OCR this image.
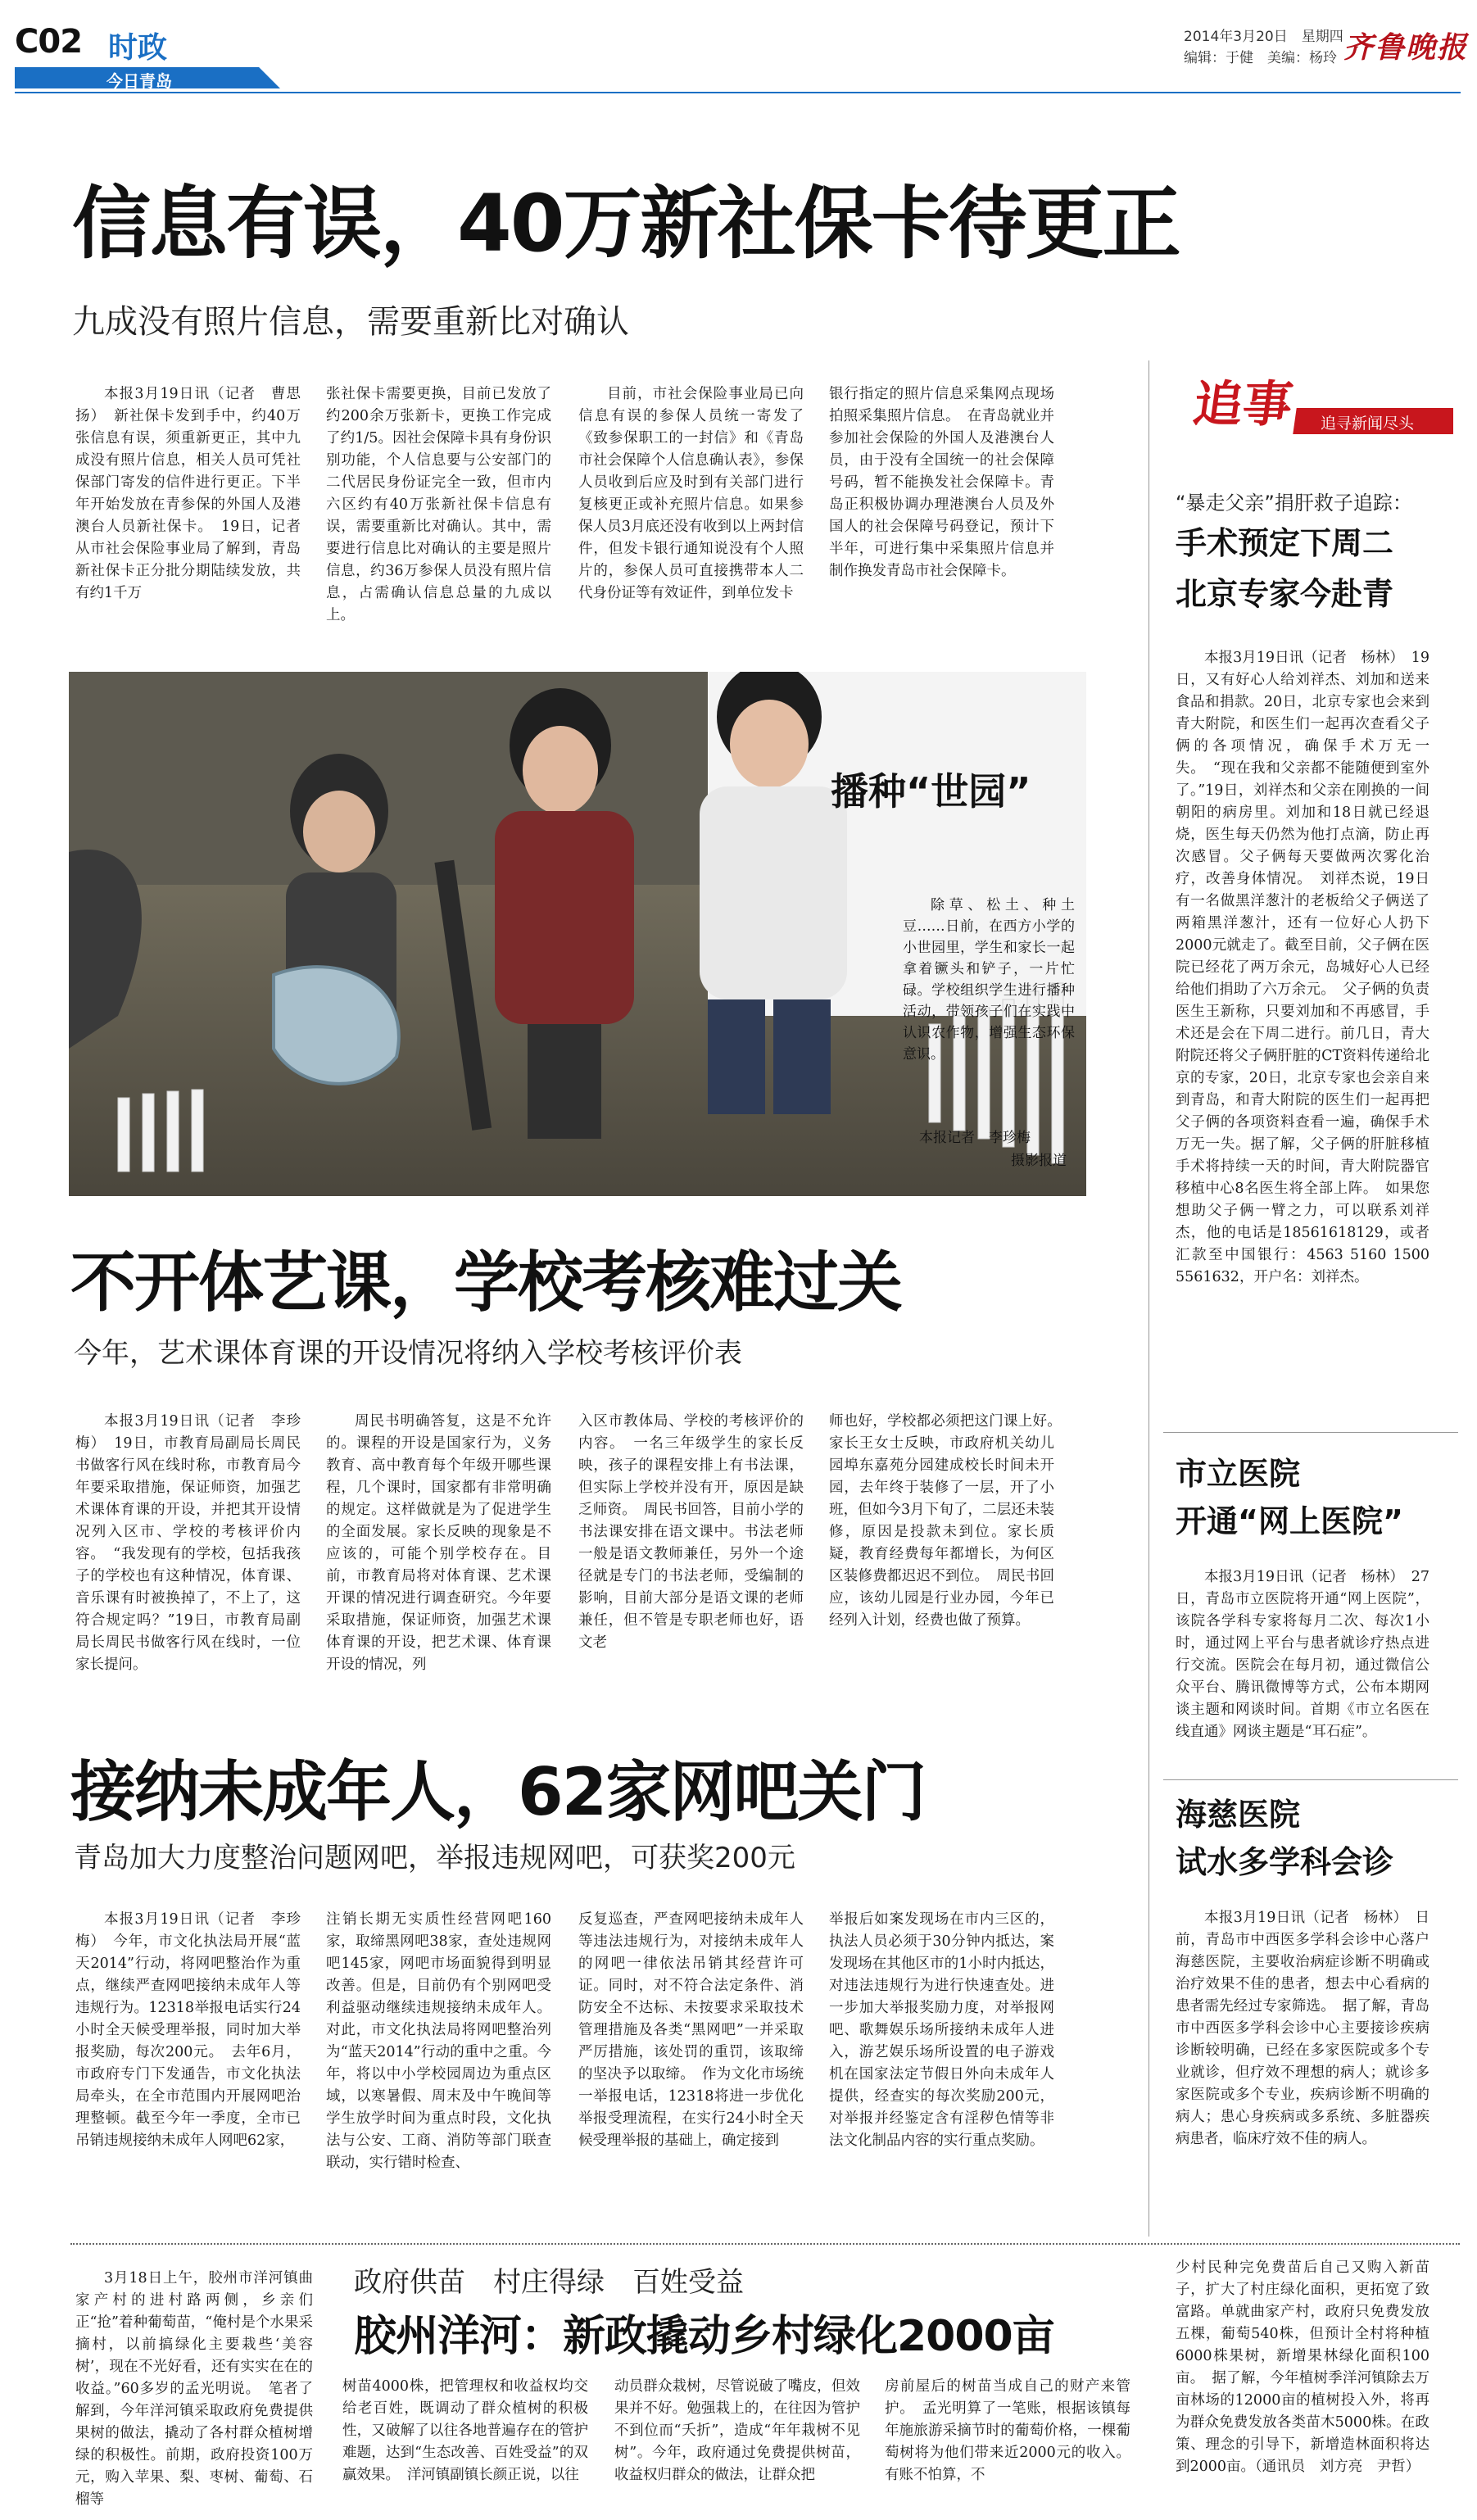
C02 时政
今日青岛
2014年3月20日　星期四
编辑：于健　美编：杨玲 齐鲁晚报
信息有误，40万新社保卡待更正
九成没有照片信息，需要重新比对确认

本报3月19日讯（记者　曹思扬）　新社保卡发到手中，约40万张信息有误，须重新更正，其中九成没有照片信息，相关人员可凭社保部门寄发的信件进行更正。下半年开始发放在青参保的外国人及港澳台人员新社保卡。　19日，记者从市社会保险事业局了解到，青岛新社保卡正分批分期陆续发放，共有约1千万

张社保卡需要更换，目前已发放了约200余万张新卡，更换工作完成了约1/5。因社会保障卡具有身份识别功能，个人信息要与公安部门的二代居民身份证完全一致，但市内六区约有40万张新社保卡信息有误，需要重新比对确认。其中，需要进行信息比对确认的主要是照片信息，约36万参保人员没有照片信息，占需确认信息总量的九成以上。

目前，市社会保险事业局已向信息有误的参保人员统一寄发了《致参保职工的一封信》和《青岛市社会保障个人信息确认表》，参保人员收到后应及时到有关部门进行复核更正或补充照片信息。如果参保人员3月底还没有收到以上两封信件，但发卡银行通知说没有个人照片的，参保人员可直接携带本人二代身份证等有效证件，到单位发卡

银行指定的照片信息采集网点现场拍照采集照片信息。　在青岛就业并参加社会保险的外国人及港澳台人员，由于没有全国统一的社会保障号码，暂不能换发社会保障卡。青岛正积极协调办理港澳台人员及外国人的社会保障号码登记，预计下半年，可进行集中采集照片信息并制作换发青岛市社会保障卡。

播种“世园”

除草、松土、种土豆……日前，在西方小学的小世园里，学生和家长一起拿着镢头和铲子，一片忙碌。学校组织学生进行播种活动，带领孩子们在实践中认识农作物，增强生态环保意识。

本报记者　李珍梅
摄影报道
不开体艺课，学校考核难过关
今年，艺术课体育课的开设情况将纳入学校考核评价表

本报3月19日讯（记者　李珍梅）　19日，市教育局副局长周民书做客行风在线时称，市教育局今年要采取措施，保证师资，加强艺术课体育课的开设，并把其开设情况列入区市、学校的考核评价内容。　“我发现有的学校，包括我孩子的学校也有这种情况，体育课、音乐课有时被换掉了，不上了，这符合规定吗？”19日，市教育局副局长周民书做客行风在线时，一位家长提问。

周民书明确答复，这是不允许的。课程的开设是国家行为，义务教育、高中教育每个年级开哪些课程，几个课时，国家都有非常明确的规定。这样做就是为了促进学生的全面发展。家长反映的现象是不应该的，可能个别学校存在。目前，市教育局将对体育课、艺术课开课的情况进行调查研究。今年要采取措施，保证师资，加强艺术课体育课的开设，把艺术课、体育课开设的情况，列

入区市教体局、学校的考核评价的内容。　一名三年级学生的家长反映，孩子的课程安排上有书法课，但实际上学校并没有开，原因是缺乏师资。　周民书回答，目前小学的书法课安排在语文课中。书法老师一般是语文教师兼任，另外一个途径就是专门的书法老师，受编制的影响，目前大部分是语文课的老师兼任，但不管是专职老师也好，语文老

师也好，学校都必须把这门课上好。　家长王女士反映，市政府机关幼儿园埠东嘉苑分园建成校长时间未开园，去年终于装修了一层，开了小班，但如今3月下旬了，二层还未装修，原因是投款未到位。家长质疑，教育经费每年都增长，为何区区装修费都迟迟不到位。　周民书回应，该幼儿园是行业办园，今年已经列入计划，经费也做了预算。

接纳未成年人，62家网吧关门
青岛加大力度整治问题网吧，举报违规网吧，可获奖200元

本报3月19日讯（记者　李珍梅）　今年，市文化执法局开展“蓝天2014”行动，将网吧整治作为重点，继续严查网吧接纳未成年人等违规行为。12318举报电话实行24小时全天候受理举报，同时加大举报奖励，每次200元。　去年6月，市政府专门下发通告，市文化执法局牵头，在全市范围内开展网吧治理整顿。截至今年一季度，全市已吊销违规接纳未成年人网吧62家，

注销长期无实质性经营网吧160家，取缔黑网吧38家，查处违规网吧145家，网吧市场面貌得到明显改善。但是，目前仍有个别网吧受利益驱动继续违规接纳未成年人。对此，市文化执法局将网吧整治列为“蓝天2014”行动的重中之重。今年，将以中小学校园周边为重点区域，以寒暑假、周末及中午晚间等学生放学时间为重点时段，文化执法与公安、工商、消防等部门联查联动，实行错时检查、

反复巡查，严查网吧接纳未成年人等违法违规行为，对接纳未成年人的网吧一律依法吊销其经营许可证。同时，对不符合法定条件、消防安全不达标、未按要求采取技术管理措施及各类“黑网吧”一并采取严厉措施，该处罚的重罚，该取缔的坚决予以取缔。　作为文化市场统一举报电话，12318将进一步优化举报受理流程，在实行24小时全天候受理举报的基础上，确定接到

举报后如案发现场在市内三区的，执法人员必须于30分钟内抵达，案发现场在其他区市的1小时内抵达，对违法违规行为进行快速查处。进一步加大举报奖励力度，对举报网吧、歌舞娱乐场所接纳未成年人进入，游艺娱乐场所设置的电子游戏机在国家法定节假日外向未成年人提供，经查实的每次奖励200元，对举报并经鉴定含有淫秽色情等非法文化制品内容的实行重点奖励。

追事	追寻新闻尽头
“暴走父亲”捐肝救子追踪：
手术预定下周二
北京专家今赴青

本报3月19日讯（记者　杨林）　19日，又有好心人给刘祥杰、刘加和送来食品和捐款。20日，北京专家也会来到青大附院，和医生们一起再次查看父子俩的各项情况，确保手术万无一失。　“现在我和父亲都不能随便到室外了。”19日，刘祥杰和父亲在刚换的一间朝阳的病房里。刘加和18日就已经退烧，医生每天仍然为他打点滴，防止再次感冒。父子俩每天要做两次雾化治疗，改善身体情况。　刘祥杰说，19日有一名做黑洋葱汁的老板给父子俩送了两箱黑洋葱汁，还有一位好心人扔下2000元就走了。截至目前，父子俩在医院已经花了两万余元，岛城好心人已经给他们捐助了六万余元。　父子俩的负责医生王新称，只要刘加和不再感冒，手术还是会在下周二进行。前几日，青大附院还将父子俩肝脏的CT资料传递给北京的专家，20日，北京专家也会亲自来到青岛，和青大附院的医生们一起再把父子俩的各项资料查看一遍，确保手术万无一失。据了解，父子俩的肝脏移植手术将持续一天的时间，青大附院器官移植中心8名医生将全部上阵。　如果您想助父子俩一臂之力，可以联系刘祥杰，他的电话是18561618129，或者汇款至中国银行：4563 5160 1500 5561632，开户名：刘祥杰。

市立医院
开通“网上医院”

本报3月19日讯（记者　杨林）　27日，青岛市立医院将开通“网上医院”，该院各学科专家将每月二次、每次1小时，通过网上平台与患者就诊疗热点进行交流。医院会在每月初，通过微信公众平台、腾讯微博等方式，公布本期网谈主题和网谈时间。首期《市立名医在线直通》网谈主题是“耳石症”。

海慈医院
试水多学科会诊

本报3月19日讯（记者　杨林）　日前，青岛市中西医多学科会诊中心落户海慈医院，主要收治病症诊断不明确或治疗效果不佳的患者，想去中心看病的患者需先经过专家筛选。　据了解，青岛市中西医多学科会诊中心主要接诊疾病诊断较明确，已经在多家医院或多个专业就诊，但疗效不理想的病人；就诊多家医院或多个专业，疾病诊断不明确的病人；患心身疾病或多系统、多脏器疾病患者，临床疗效不佳的病人。

3月18日上午，胶州市洋河镇曲家产村的进村路两侧，乡亲们正“抢”着种葡萄苗，“俺村是个水果采摘村，以前搞绿化主要栽些‘美容树’，现在不光好看，还有实实在在的收益。”60多岁的孟光明说。　笔者了解到，今年洋河镇采取政府免费提供果树的做法，撬动了各村群众植树增绿的积极性。前期，政府投资100万元，购入苹果、梨、枣树、葡萄、石榴等

政府供苗　村庄得绿　百姓受益
胶州洋河：新政撬动乡村绿化2000亩

树苗4000株，把管理权和收益权均交给老百姓，既调动了群众植树的积极性，又破解了以往各地普遍存在的管护难题，达到“生态改善、百姓受益”的双赢效果。　洋河镇副镇长颜正说，以往

动员群众栽树，尽管说破了嘴皮，但效果并不好。勉强栽上的，在往因为管护不到位而“夭折”，造成“年年栽树不见树”。今年，政府通过免费提供树苗，收益权归群众的做法，让群众把

房前屋后的树苗当成自己的财产来管护。　孟光明算了一笔账，根据该镇每年施旅游采摘节时的葡萄价格，一棵葡萄树将为他们带来近2000元的收入。有账不怕算，不

少村民种完免费苗后自己又购入新苗子，扩大了村庄绿化面积，更拓宽了致富路。单就曲家产村，政府只免费发放五棵，葡萄540株，但预计全村将种植6000株果树，新增果林绿化面积100亩。　据了解，今年植树季洋河镇除去万亩林场的12000亩的植树投入外，将再为群众免费发放各类苗木5000株。在政策、理念的引导下，新增造林面积将达到2000亩。（通讯员　刘方亮　尹哲）
